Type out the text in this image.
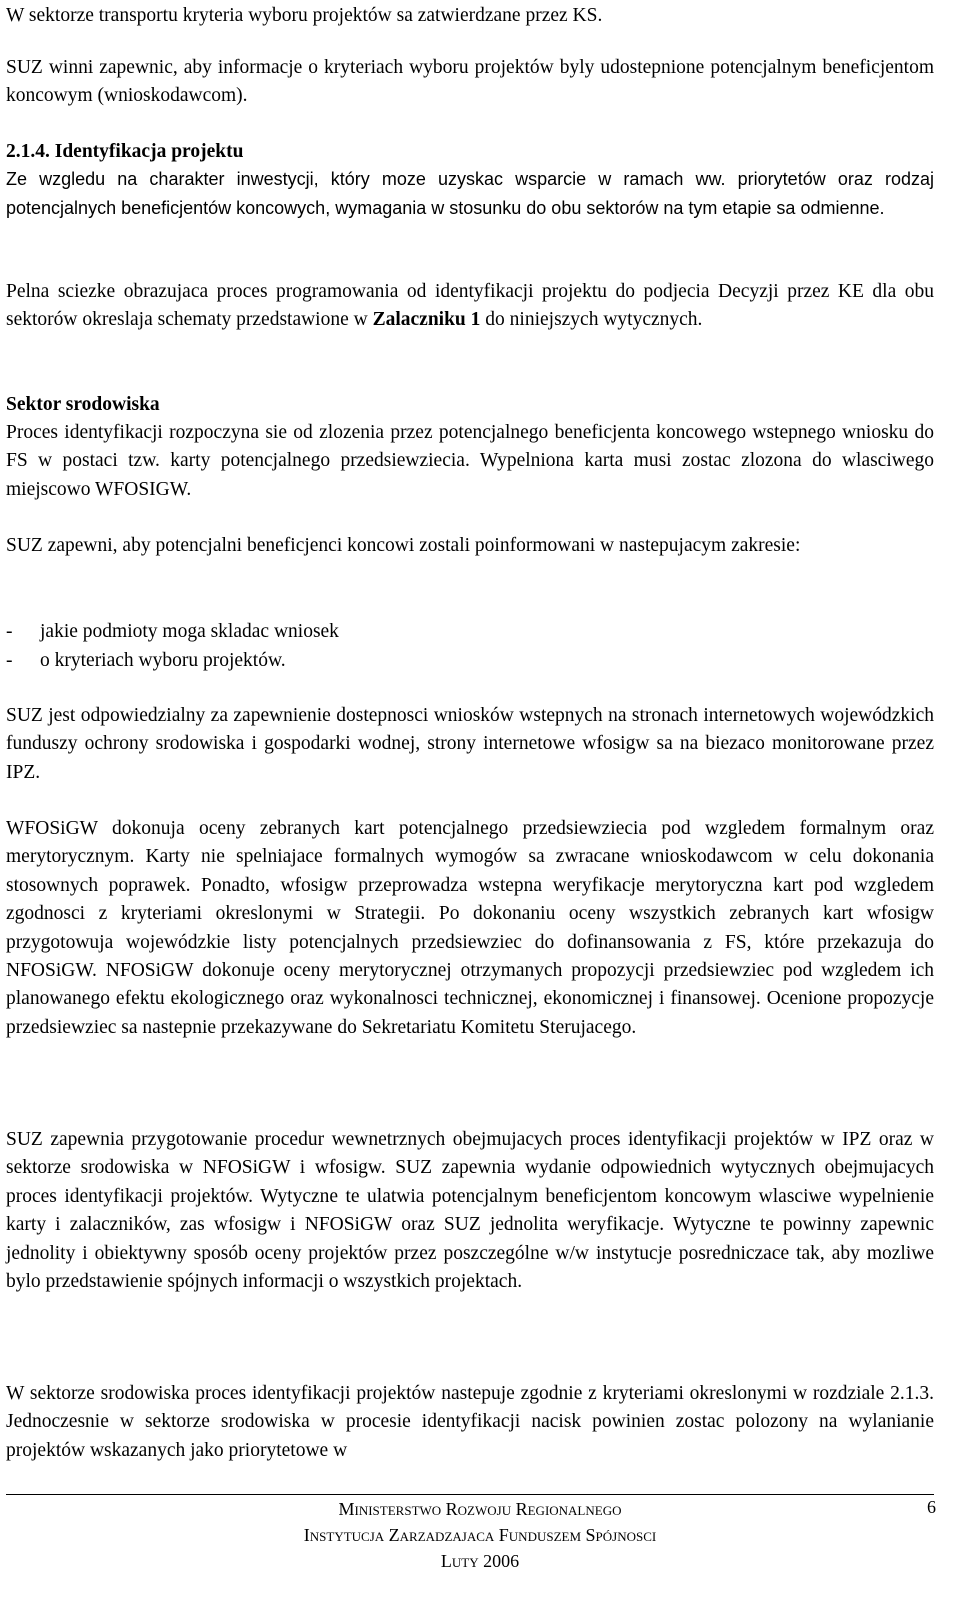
W sektorze transportu kryteria wyboru projektów sa zatwierdzane przez KS.

SUZ winni zapewnic, aby informacje o kryteriach wyboru projektów byly udostepnione potencjalnym beneficjentom koncowym (wnioskodawcom).

2.1.4. Identyfikacja projektu

Ze wzgledu na charakter inwestycji, który moze uzyskac wsparcie w ramach ww. priorytetów oraz rodzaj potencjalnych beneficjentów koncowych, wymagania w stosunku do obu sektorów na tym etapie sa odmienne.

Pelna sciezke obrazujaca proces programowania od identyfikacji projektu do podjecia Decyzji przez KE dla obu sektorów okreslaja schematy przedstawione w Zalaczniku 1 do niniejszych wytycznych.

Sektor srodowiska

Proces identyfikacji rozpoczyna sie od zlozenia przez potencjalnego beneficjenta koncowego wstepnego wniosku do FS w postaci tzw. karty potencjalnego przedsiewziecia. Wypelniona karta musi zostac zlozona do wlasciwego miejscowo WFOSIGW.

SUZ zapewni, aby potencjalni beneficjenci koncowi zostali poinformowani w nastepujacym zakresie:

- jakie podmioty moga skladac wniosek
- o kryteriach wyboru projektów.

SUZ jest odpowiedzialny za zapewnienie dostepnosci wniosków wstepnych na stronach internetowych wojewódzkich funduszy ochrony srodowiska i gospodarki wodnej, strony internetowe wfosigw sa na biezaco monitorowane przez IPZ.

WFOSiGW dokonuja oceny zebranych kart potencjalnego przedsiewziecia pod wzgledem formalnym oraz merytorycznym. Karty nie spelniajace formalnych wymogów sa zwracane wnioskodawcom w celu dokonania stosownych poprawek. Ponadto, wfosigw przeprowadza wstepna weryfikacje merytoryczna kart pod wzgledem zgodnosci z kryteriami okreslonymi w Strategii. Po dokonaniu oceny wszystkich zebranych kart wfosigw przygotowuja wojewódzkie listy potencjalnych przedsiewziec do dofinansowania z FS, które przekazuja do NFOSiGW. NFOSiGW dokonuje oceny merytorycznej otrzymanych propozycji przedsiewziec pod wzgledem ich planowanego efektu ekologicznego oraz wykonalnosci technicznej, ekonomicznej i finansowej. Ocenione propozycje przedsiewziec sa nastepnie przekazywane do Sekretariatu Komitetu Sterujacego.

SUZ zapewnia przygotowanie procedur wewnetrznych obejmujacych proces identyfikacji projektów w IPZ oraz w sektorze srodowiska w NFOSiGW i wfosigw. SUZ zapewnia wydanie odpowiednich wytycznych obejmujacych proces identyfikacji projektów. Wytyczne te ulatwia potencjalnym beneficjentom koncowym wlasciwe wypelnienie karty i zalaczników, zas wfosigw i NFOSiGW oraz SUZ jednolita weryfikacje. Wytyczne te powinny zapewnic jednolity i obiektywny sposób oceny projektów przez poszczególne w/w instytucje posredniczace tak, aby mozliwe bylo przedstawienie spójnych informacji o wszystkich projektach.

W sektorze srodowiska proces identyfikacji projektów nastepuje zgodnie z kryteriami okreslonymi w rozdziale 2.1.3. Jednoczesnie w sektorze srodowiska w procesie identyfikacji nacisk powinien zostac polozony na wylanianie projektów wskazanych jako priorytetowe w

6
Ministerstwo Rozwoju Regionalnego
Instytucja Zarzadzajaca Funduszem Spójnosci
Luty 2006
